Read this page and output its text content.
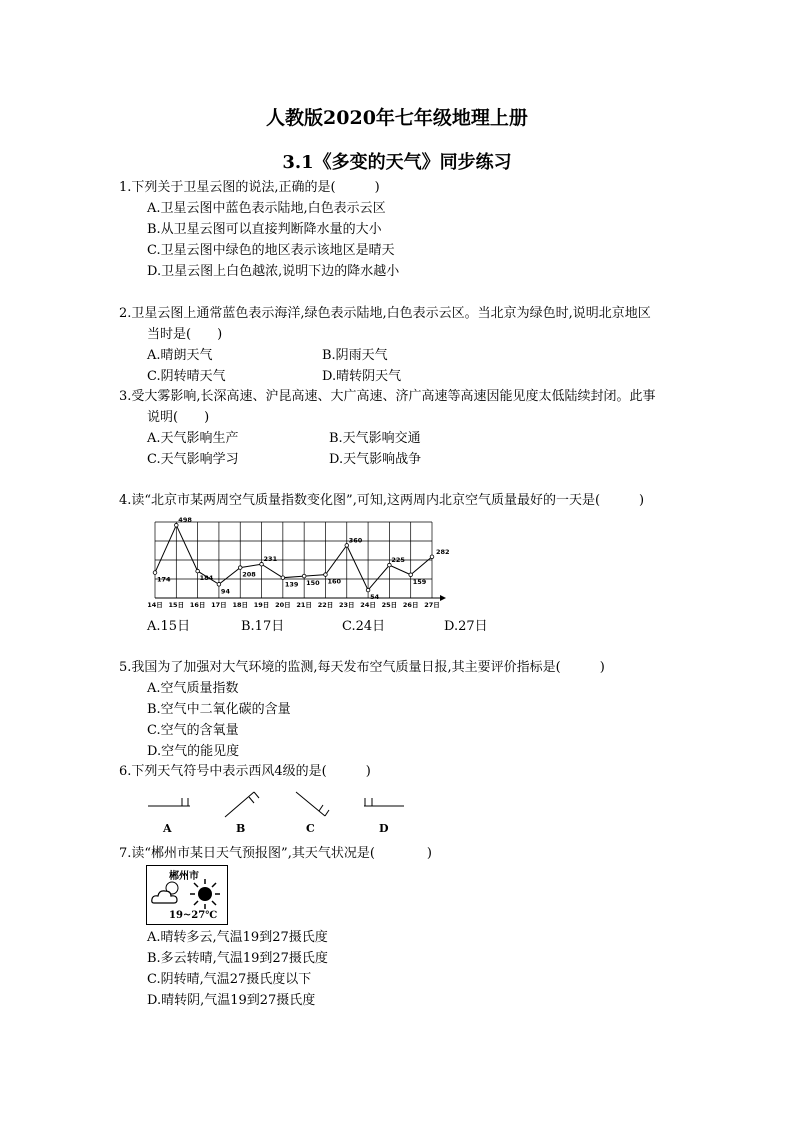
人教版2020年七年级地理上册
3.1《多变的天气》同步练习
1.下列关于卫星云图的说法,正确的是(　　　)
A.卫星云图中蓝色表示陆地,白色表示云区
B.从卫星云图可以直接判断降水量的大小
C.卫星云图中绿色的地区表示该地区是晴天
D.卫星云图上白色越浓,说明下边的降水越小
2.卫星云图上通常蓝色表示海洋,绿色表示陆地,白色表示云区。当北京为绿色时,说明北京地区
当时是(　　)
A.晴朗天气	B.阴雨天气
C.阴转晴天气	D.晴转阴天气
3.受大雾影响,长深高速、沪昆高速、大广高速、济广高速等高速因能见度太低陆续封闭。此事
说明(　　)
A.天气影响生产	B.天气影响交通
C.天气影响学习	D.天气影响战争
4.读“北京市某两周空气质量指数变化图”,可知,这两周内北京空气质量最好的一天是(　　　)
174
498
184
94
208
231
139 150 160
360
54
225
159
282
14日 15日 16日 17日 18日 19日 20日 21日 22日 23日 24日 25日 26日 27日
A.15日	B.17日	C.24日	D.27日
5.我国为了加强对大气环境的监测,每天发布空气质量日报,其主要评价指标是(　　　)
A.空气质量指数
B.空气中二氧化碳的含量
C.空气的含氧量
D.空气的能见度
6.下列天气符号中表示西风4级的是(　　　)
A	B	C	D
7.读“郴州市某日天气预报图”,其天气状况是(　　　　)
郴州市
19~27℃
A.晴转多云,气温19到27摄氏度
B.多云转晴,气温19到27摄氏度
C.阴转晴,气温27摄氏度以下
D.晴转阴,气温19到27摄氏度
